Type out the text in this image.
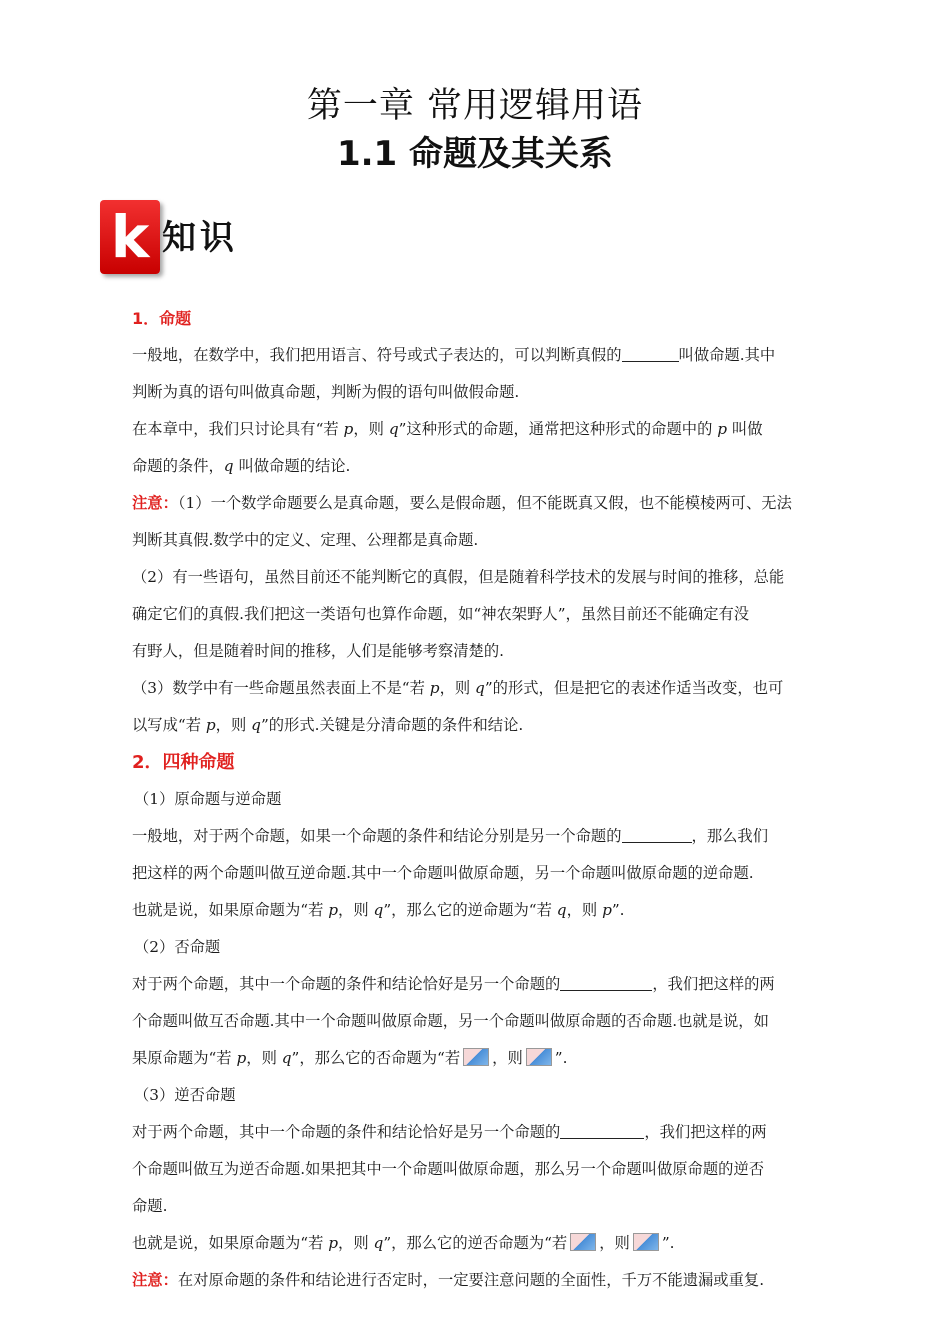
第一章 常用逻辑用语
1.1 命题及其关系
k 知识
1．命题
一般地，在数学中，我们把用语言、符号或式子表达的，可以判断真假的	叫做命题.其中
判断为真的语句叫做真命题，判断为假的语句叫做假命题.
在本章中，我们只讨论具有“若 p，则 q”这种形式的命题，通常把这种形式的命题中的 p 叫做
命题的条件，q 叫做命题的结论.
注意：（1）一个数学命题要么是真命题，要么是假命题，但不能既真又假，也不能模棱两可、无法
判断其真假.数学中的定义、定理、公理都是真命题.
（2）有一些语句，虽然目前还不能判断它的真假，但是随着科学技术的发展与时间的推移，总能
确定它们的真假.我们把这一类语句也算作命题，如“神农架野人”，虽然目前还不能确定有没
有野人，但是随着时间的推移，人们是能够考察清楚的.
（3）数学中有一些命题虽然表面上不是“若 p，则 q”的形式，但是把它的表述作适当改变，也可
以写成“若 p，则 q”的形式.关键是分清命题的条件和结论.
2．四种命题
（1）原命题与逆命题
一般地，对于两个命题，如果一个命题的条件和结论分别是另一个命题的	，那么我们
把这样的两个命题叫做互逆命题.其中一个命题叫做原命题，另一个命题叫做原命题的逆命题.
也就是说，如果原命题为“若 p，则 q”，那么它的逆命题为“若 q，则 p”.
（2）否命题
对于两个命题，其中一个命题的条件和结论恰好是另一个命题的	，我们把这样的两
个命题叫做互否命题.其中一个命题叫做原命题，另一个命题叫做原命题的否命题.也就是说，如
果原命题为“若 p，则 q”，那么它的否命题为“若 ，则 ”.
（3）逆否命题
对于两个命题，其中一个命题的条件和结论恰好是另一个命题的	，我们把这样的两
个命题叫做互为逆否命题.如果把其中一个命题叫做原命题，那么另一个命题叫做原命题的逆否
命题.
也就是说，如果原命题为“若 p，则 q”，那么它的逆否命题为“若 ，则 ”.
注意：在对原命题的条件和结论进行否定时，一定要注意问题的全面性，千万不能遗漏或重复.
